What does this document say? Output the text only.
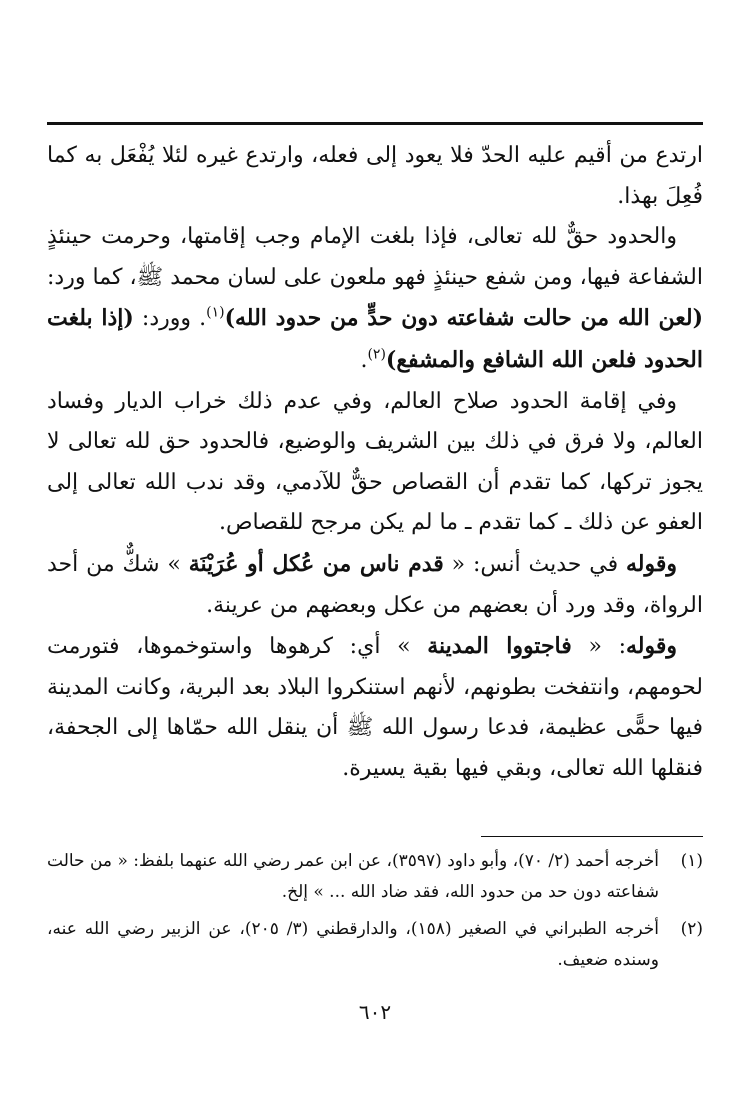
ارتدع من أقيم عليه الحدّ فلا يعود إلى فعله، وارتدع غيره لئلا يُفْعَل به كما فُعِلَ بهذا.

والحدود حقٌّ لله تعالى، فإذا بلغت الإمام وجب إقامتها، وحرمت حينئذٍ الشفاعة فيها، ومن شفع حينئذٍ فهو ملعون على لسان محمد ﷺ، كما ورد: (لعن الله من حالت شفاعته دون حدٍّ من حدود الله)$^{(١)}$. وورد: (إذا بلغت الحدود فلعن الله الشافع والمشفع)$^{(٢)}$.

وفي إقامة الحدود صلاح العالم، وفي عدم ذلك خراب الديار وفساد العالم، ولا فرق في ذلك بين الشريف والوضيع، فالحدود حق لله تعالى لا يجوز تركها، كما تقدم أن القصاص حقٌّ للآدمي، وقد ندب الله تعالى إلى العفو عن ذلك ـ كما تقدم ـ ما لم يكن مرجح للقصاص.

وقوله في حديث أنس: « قدم ناس من عُكل أو عُرَيْنَة » شكٌّ من أحد الرواة، وقد ورد أن بعضهم من عكل وبعضهم من عرينة.

وقوله: « فاجتووا المدينة » أي: كرهوها واستوخموها، فتورمت لحومهم، وانتفخت بطونهم، لأنهم استنكروا البلاد بعد البرية، وكانت المدينة فيها حمًّى عظيمة، فدعا رسول الله ﷺ أن ينقل الله حمّاها إلى الجحفة، فنقلها الله تعالى، وبقي فيها بقية يسيرة.

(١)
أخرجه أحمد (٢/ ٧٠)، وأبو داود (٣٥٩٧)، عن ابن عمر رضي الله عنهما بلفظ: « من حالت شفاعته دون حد من حدود الله، فقد ضاد الله ... » إلخ.
(٢)
أخرجه الطبراني في الصغير (١٥٨)، والدارقطني (٣/ ٢٠٥)، عن الزبير رضي الله عنه، وسنده ضعيف.
٦٠٢
